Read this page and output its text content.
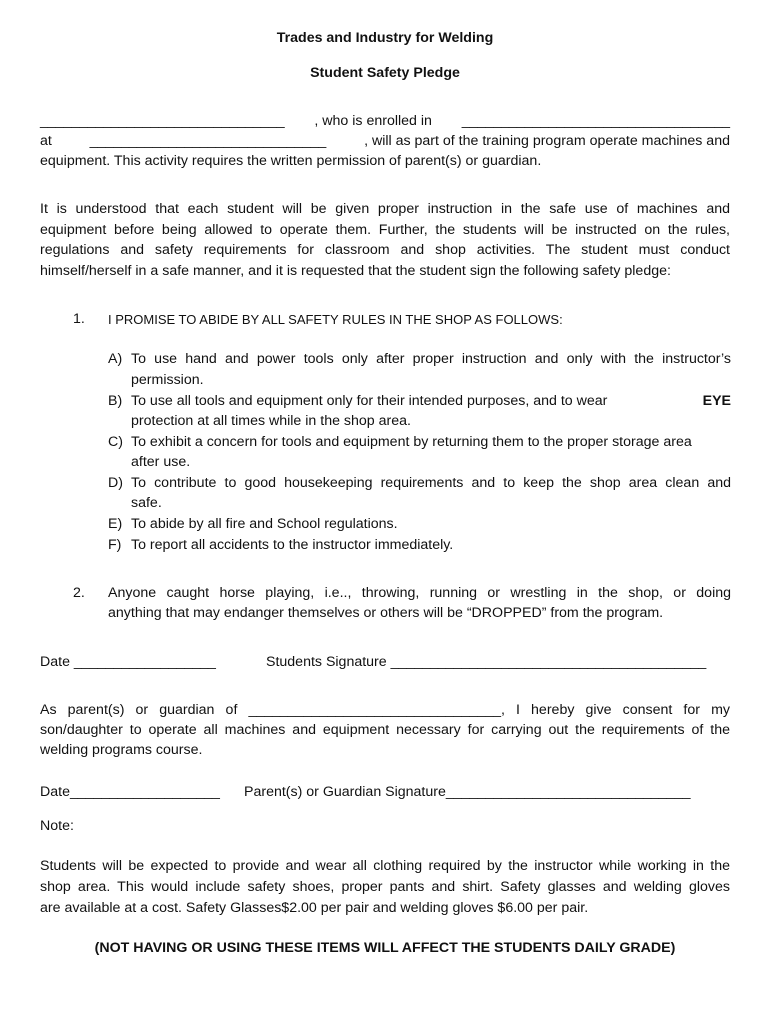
Trades and Industry for Welding
Student Safety Pledge
_______________________________ , who is enrolled in __________________________________
at	______________________________	, will as part of the training program operate machines and
equipment. This activity requires the written permission of parent(s) or guardian.
It is understood that each student will be given proper instruction in the safe use of machines and
equipment before being allowed to operate them. Further, the students will be instructed on the rules,
regulations and safety requirements for classroom and shop activities. The student must conduct
himself/herself in a safe manner, and it is requested that the student sign the following safety pledge:
1. I PROMISE TO ABIDE BY ALL SAFETY RULES IN THE SHOP AS FOLLOWS:
A) To use hand and power tools only after proper instruction and only with the instructor’s
permission.
B) To use all tools and equipment only for their intended purposes, and to wear	EYE
protection at all times while in the shop area.
C) To exhibit a concern for tools and equipment by returning them to the proper storage area
after use.
D) To contribute to good housekeeping requirements and to keep the shop area clean and
safe.
E) To abide by all fire and School regulations.
F) To report all accidents to the instructor immediately.
2. Anyone caught horse playing, i.e.., throwing, running or wrestling in the shop, or doing
anything that may endanger themselves or others will be “DROPPED” from the program.
Date __________________	Students Signature ________________________________________
As parent(s) or guardian of ________________________________, I hereby give consent for my
son/daughter to operate all machines and equipment necessary for carrying out the requirements of the
welding programs course.
Date___________________ Parent(s) or Guardian Signature_______________________________
Note:
Students will be expected to provide and wear all clothing required by the instructor while working in the
shop area. This would include safety shoes, proper pants and shirt. Safety glasses and welding gloves
are available at a cost. Safety Glasses$2.00 per pair and welding gloves $6.00 per pair.
(NOT HAVING OR USING THESE ITEMS WILL AFFECT THE STUDENTS DAILY GRADE)
